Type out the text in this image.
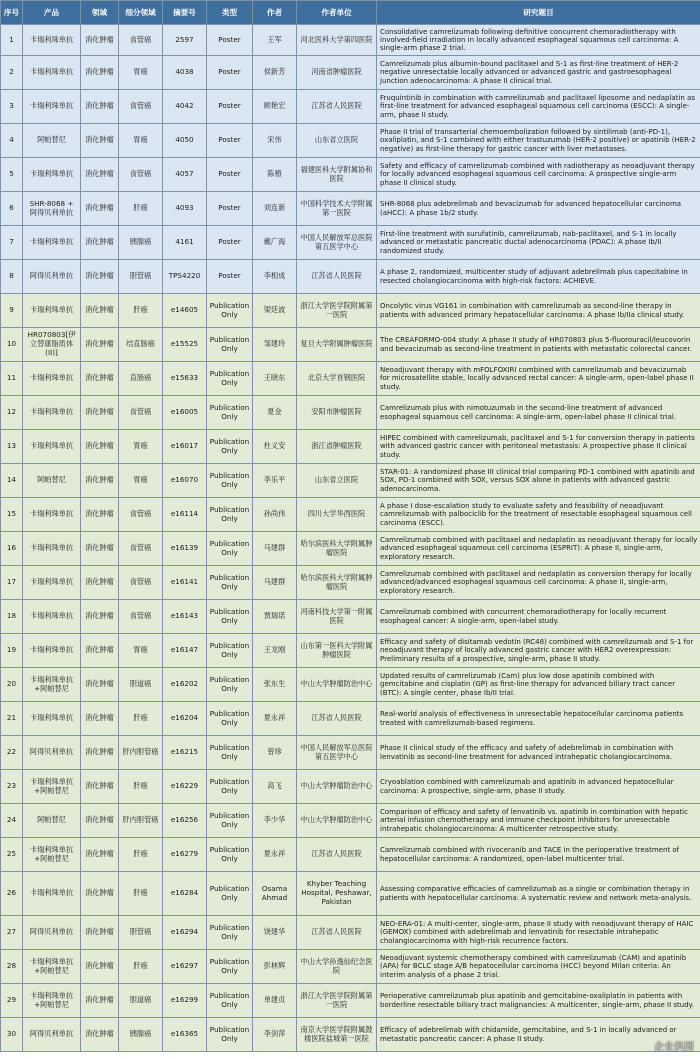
序号	产品	领域	细分领域	摘要号	类型	作者	作者单位	研究题目
1	卡瑞利珠单抗	消化肿瘤	食管癌	2597	Poster	王军	河北医科大学第四医院	Consolidative camrelizumab following definitive concurrent chemoradiotherapy with involved-field irradiation in locally advanced esophageal squamous cell carcinoma: A single-arm phase 2 trial.
2	卡瑞利珠单抗	消化肿瘤	胃癌	4038	Poster	侯新芳	河南省肿瘤医院	Camrelizumab plus albumin-bound paclitaxel and S-1 as first-line treatment of HER-2 negative unresectable locally advanced or advanced gastric and gastroesophageal junction adenocarcinoma: A phase II clinical trial.
3	卡瑞利珠单抗	消化肿瘤	食管癌	4042	Poster	顾艳宏	江苏省人民医院	Fruquintinib in combination with camrelizumab and paclitaxel liposome and nedaplatin as first-line treatment for advanced esophageal squamous cell carcinoma (ESCC): A single-arm, phase II study.
4	阿帕替尼	消化肿瘤	胃癌	4050	Poster	宋伟	山东省立医院	Phase II trial of transarterial chemoembolization followed by sintilimab (anti-PD-1), oxaliplatin, and S-1 combined with either trastuzumab (HER-2 positive) or apatinib (HER-2 negative) as first-line therapy for gastric cancer with liver metastases.
5	卡瑞利珠单抗	消化肿瘤	食管癌	4057	Poster	陈椿	福建医科大学附属协和医院	Safety and efficacy of camrelizumab combined with radiotherapy as neoadjuvant therapy for locally advanced esophageal squamous cell carcinoma: A prospective single-arm phase II clinical study.
6	SHR-8068 + 阿得贝利单抗	消化肿瘤	肝癌	4093	Poster	刘连新	中国科学技术大学附属第一医院	SHR-8068 plus adebrelimab and bevacizumab for advanced hepatocellular carcinoma (aHCC): A phase 1b/2 study.
7	卡瑞利珠单抗	消化肿瘤	胰腺癌	4161	Poster	戴广海	中国人民解放军总医院第五医学中心	First-line treatment with surufatinib, camrelizumab, nab-paclitaxel, and S-1 in locally advanced or metastatic pancreatic ductal adenocarcinoma (PDAC): A phase Ib/II randomized study.
8	阿得贝利单抗	消化肿瘤	胆管癌	TPS4220	Poster	李相成	江苏省人民医院	A phase 2, randomized, multicenter study of adjuvant adebrelimab plus capecitabine in resected cholangiocarcinoma with high-risk factors: ACHIEVE.
9	卡瑞利珠单抗	消化肿瘤	肝癌	e14605	Publication Only	梁廷波	浙江大学医学院附属第一医院	Oncolytic virus VG161 in combination with camrelizumab as second-line therapy in patients with advanced primary hepatocellular carcinoma: A phase Ib/IIa clinical study.
10	HR070803[伊立替康脂质体(II)]	消化肿瘤	结直肠癌	e15525	Publication Only	邹建玲	复旦大学附属肿瘤医院	The CREAFORMO-004 study: A phase II study of HR070803 plus 5-fluorouracil/leucovorin and bevacizumab as second-line treatment in patients with metastatic colorectal cancer.
11	卡瑞利珠单抗	消化肿瘤	直肠癌	e15633	Publication Only	王晓东	北京大学首钢医院	Neoadjuvant therapy with mFOLFOXIRI combined with camrelizumab and bevacizumab for microsatellite stable, locally advanced rectal cancer: A single-arm, open-label phase II study.
12	卡瑞利珠单抗	消化肿瘤	食管癌	e16005	Publication Only	夏金	安阳市肿瘤医院	Camrelizumab plus with nimotuzumab in the second-line treatment of advanced esophageal squamous cell carcinoma: A single-arm, open-label phase II clinical trial.
13	卡瑞利珠单抗	消化肿瘤	胃癌	e16017	Publication Only	杜义安	浙江省肿瘤医院	HIPEC combined with camrelizumab, paclitaxel and S-1 for conversion therapy in patients with advanced gastric cancer with peritoneal metastasis: A prospective phase II clinical study.
14	阿帕替尼	消化肿瘤	胃癌	e16070	Publication Only	李乐平	山东省立医院	STAR-01: A randomized phase III clinical trial comparing PD-1 combined with apatinib and SOX, PD-1 combined with SOX, versus SOX alone in patients with advanced gastric adenocarcinoma.
15	卡瑞利珠单抗	消化肿瘤	食管癌	e16114	Publication Only	孙尚伟	四川大学华西医院	A phase I dose-escalation study to evaluate safety and feasibility of neoadjuvant camrelizumab with palbociclib for the treatment of resectable esophageal squamous cell carcinoma (ESCC).
16	卡瑞利珠单抗	消化肿瘤	食管癌	e16139	Publication Only	马建群	哈尔滨医科大学附属肿瘤医院	Camrelizumab combined with paclitaxel and nedaplatin as neoadjuvant therapy for locally advanced esophageal squamous cell carcinoma (ESPRIT): A phase II, single-arm, exploratory research.
17	卡瑞利珠单抗	消化肿瘤	食管癌	e16141	Publication Only	马建群	哈尔滨医科大学附属肿瘤医院	Camrelizumab combined with paclitaxel and nedaplatin as conversion therapy for locally advanced/advanced esophageal squamous cell carcinoma: A phase II, single-arm, exploratory research.
18	卡瑞利珠单抗	消化肿瘤	食管癌	e16143	Publication Only	贾瑞诺	河南科技大学第一附属医院	Camrelizumab combined with concurrent chemoradiotherapy for locally recurrent esophageal cancer: A single-arm, open-label study.
19	卡瑞利珠单抗	消化肿瘤	胃癌	e16147	Publication Only	王龙刚	山东第一医科大学附属肿瘤医院	Efficacy and safety of disitamab vedotin (RC48) combined with camrelizumab and S-1 for neoadjuvant therapy of locally advanced gastric cancer with HER2 overexpression: Preliminary results of a prospective, single-arm, phase II study.
20	卡瑞利珠单抗+阿帕替尼	消化肿瘤	胆道癌	e16202	Publication Only	张东生	中山大学肿瘤防治中心	Updated results of camrelizumab (Cam) plus low dose apatinib combined with gemcitabine and cisplatin (GP) as first-line therapy for advanced biliary tract cancer (BTC): A single center, phase Ib/II trial.
21	卡瑞利珠单抗	消化肿瘤	肝癌	e16204	Publication Only	夏永祥	江苏省人民医院	Real-world analysis of effectiveness in unresectable hepatocellular carcinoma patients treated with camrelizumab-based regimens.
22	阿得贝利单抗	消化肿瘤	肝内胆管癌	e16215	Publication Only	曾珍	中国人民解放军总医院第五医学中心	Phase II clinical study of the efficacy and safety of adebrelimab in combination with lenvatinib as second-line treatment for advanced intrahepatic cholangiocarcinoma.
23	卡瑞利珠单抗+阿帕替尼	消化肿瘤	肝癌	e16229	Publication Only	高飞	中山大学肿瘤防治中心	Cryoablation combined with camrelizumab and apatinib in advanced hepatocellular carcinoma: A prospective, single-arm, phase II study.
24	阿帕替尼	消化肿瘤	肝内胆管癌	e16256	Publication Only	李少华	中山大学肿瘤防治中心	Comparison of efficacy and safety of lenvatinib vs. apatinib in combination with hepatic arterial infusion chemotherapy and immune checkpoint inhibitors for unresectable intrahepatic cholangiocarcinoma: A multicenter retrospective study.
25	卡瑞利珠单抗+阿帕替尼	消化肿瘤	肝癌	e16279	Publication Only	夏永祥	江苏省人民医院	Camrelizumab combined with rivoceranib and TACE in the perioperative treatment of hepatocellular carcinoma: A randomized, open-label multicenter trial.
26	卡瑞利珠单抗	消化肿瘤	肝癌	e16284	Publication Only	Osama Ahmad	Khyber Teaching Hospital, Peshawar, Pakistan	Assessing comparative efficacies of camrelizumab as a single or combination therapy in patients with hepatocellular carcinoma: A systematic review and network meta-analysis.
27	阿得贝利单抗	消化肿瘤	胆管癌	e16294	Publication Only	饶建华	江苏省人民医院	NEO-ERA-01: A multi-center, single-arm, phase II study with neoadjuvant therapy of HAIC (GEMOX) combined with adebrelimab and lenvatinib for resectable intrahepatic cholangiocarcinoma with high-risk recurrence factors.
28	卡瑞利珠单抗+阿帕替尼	消化肿瘤	肝癌	e16297	Publication Only	彭林辉	中山大学孙逸仙纪念医院	Neoadjuvant systemic chemotherapy combined with camrelizumab (CAM) and apatinib (APA) for BCLC stage A/B hepatocellular carcinoma (HCC) beyond Milan criteria: An interim analysis of a phase 2 trial.
29	卡瑞利珠单抗+阿帕替尼	消化肿瘤	胆道癌	e16299	Publication Only	单建贞	浙江大学医学院附属第一医院	Perioperative camrelizumab plus apatinib and gemcitabine-oxaliplatin in patients with borderline resectable biliary tract malignancies: A multicenter, single-arm, phase II study.
30	阿得贝利单抗	消化肿瘤	胰腺癌	e16365	Publication Only	李剑萍	南京大学医学院附属鼓楼医院盐城第一医院	Efficacy of adebrelimab with chidamide, gemcitabine, and S-1 in locally advanced or metastatic pancreatic cancer: A phase II study.
企业供图
